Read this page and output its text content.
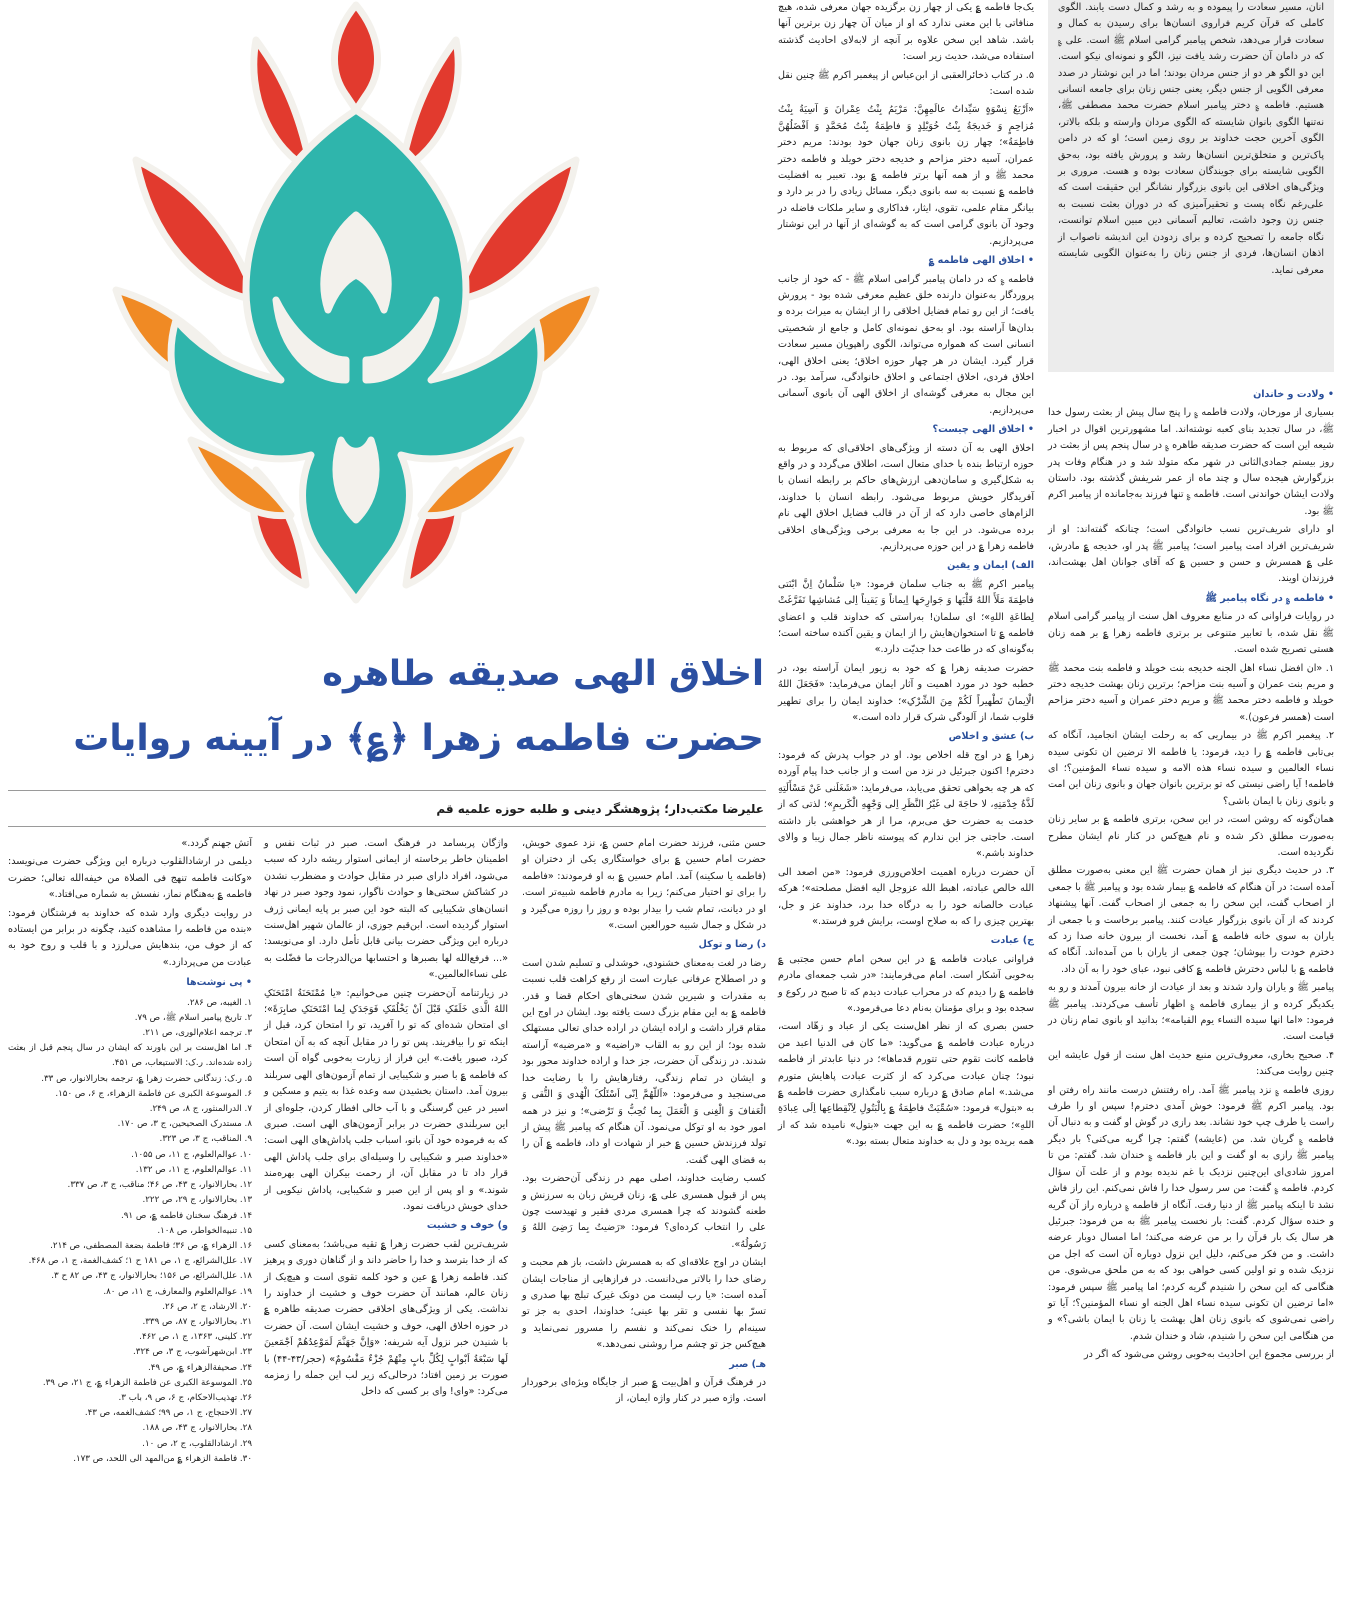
انان، مسیر سعادت را پیموده و به رشد و کمال دست یابند. الگوی کاملی که قرآن کریم فراروی انسان‌ها برای رسیدن به کمال و سعادت قرار می‌دهد، شخص پیامبر گرامی اسلام ﷺ است. علی ؏ که در دامان آن حضرت رشد یافت نیز، الگو و نمونه‌ای نیکو است. این دو الگو هر دو از جنس مردان بودند؛ اما در این نوشتار در صدد معرفی الگویی از جنس دیگر، یعنی جنس زنان برای جامعه انسانی هستیم. فاطمه ؏ دختر پیامبر اسلام حضرت محمد مصطفی ﷺ، نه‌تنها الگوی بانوان شایسته که الگوی مردان وارسته و بلکه بالاتر، الگوی آخرین حجت خداوند بر روی زمین است؛ او که در دامن پاک‌ترین و متخلق‌ترین انسان‌ها رشد و پرورش یافته بود، به‌حق الگویی شایسته برای جویندگان سعادت بوده و هست. مروری بر ویژگی‌های اخلاقی این بانوی بزرگوار نشانگر این حقیقت است که علی‌رغم نگاه پست و تحقیرآمیزی که در دوران بعثت نسبت به جنس زن وجود داشت، تعالیم آسمانی دین مبین اسلام توانست، نگاه جامعه را تصحیح کرده و برای زدودن این اندیشه ناصواب از اذهان انسان‌ها، فردی از جنس زنان را به‌عنوان الگویی شایسته معرفی نماید.

• ولادت و خاندان

بسیاری از مورخان، ولادت فاطمه ؏ را پنج سال پیش از بعثت رسول خدا ﷺ، در سال تجدید بنای کعبه نوشته‌اند. اما مشهورترین اقوال در اخبار شیعه این است که حضرت صدیقه طاهره ؏ در سال پنجم پس از بعثت در روز بیستم جمادی‌الثانی در شهر مکه متولد شد و در هنگام وفات پدر بزرگوارش هیجده سال و چند ماه از عمر شریفش گذشته بود. داستان ولادت ایشان خواندنی است. فاطمه ؏ تنها فرزند به‌جامانده از پیامبر اکرم ﷺ بود.

او دارای شریف‌ترین نسب خانوادگی است؛ چنانکه گفته‌اند: او از شریف‌ترین افراد امت پیامبر است؛ پیامبر ﷺ پدر او، خدیجه ؏ مادرش، علی ؏ همسرش و حسن و حسین ؏ که آقای جوانان اهل بهشت‌اند، فرزندان اویند.

• فاطمه ؏ در نگاه پیامبر ﷺ

در روایات فراوانی که در منابع معروف اهل سنت از پیامبر گرامی اسلام ﷺ نقل شده، با تعابیر متنوعی بر برتری فاطمه زهرا ؏ بر همه زنان هستی تصریح شده است.

۱. «ان افضل نساء اهل الجنه خدیجه بنت خویلد و فاطمه بنت محمد ﷺ و مریم بنت عمران و آسیه بنت مزاحم؛ برترین زنان بهشت خدیجه دختر خویلد و فاطمه دختر محمد ﷺ و مریم دختر عمران و آسیه دختر مزاحم است (همسر فرعون).»

۲. پیغمبر اکرم ﷺ در بیماریی که به رحلت ایشان انجامید، آنگاه که بی‌تابی فاطمه ؏ را دید، فرمود: یا فاطمه الا ترضین ان تکونی سیده نساء العالمین و سیده نساء هذه الامه و سیده نساء المؤمنین؟؛ ای فاطمه! آیا راضی نیستی که تو برترین بانوان جهان و بانوی زنان این امت و بانوی زنان با ایمان باشی؟

همان‌گونه که روشن است، در این سخن، برتری فاطمه ؏ بر سایر زنان به‌صورت مطلق ذکر شده و نام هیچ‌کس در کنار نام ایشان مطرح نگردیده است.

۳. در حدیث دیگری نیز از همان حضرت ﷺ این معنی به‌صورت مطلق آمده است: در آن هنگام که فاطمه ؏ بیمار شده بود و پیامبر ﷺ با جمعی از اصحاب گفت، این سخن را به جمعی از اصحاب گفت. آنها پیشنهاد کردند که از آن بانوی بزرگوار عیادت کنند. پیامبر برخاست و با جمعی از یاران به سوی خانه فاطمه ؏ آمد، نخست از بیرون خانه صدا زد که دخترم خودت را بپوشان؛ چون جمعی از یاران با من آمده‌اند. آنگاه که فاطمه ؏ با لباس دخترش فاطمه ؏ کافی نبود، عبای خود را به آن داد.

پیامبر ﷺ و یاران وارد شدند و بعد از عیادت از خانه بیرون آمدند و رو به یکدیگر کرده و از بیماری فاطمه ؏ اظهار تأسف می‌کردند. پیامبر ﷺ فرمود: «اما انها سیده النساء یوم القیامه»؛ بدانید او بانوی تمام زنان در قیامت است.

۴. صحیح بخاری، معروف‌ترین منبع حدیث اهل سنت از قول عایشه این چنین روایت می‌کند:

روزی فاطمه ؏ نزد پیامبر ﷺ آمد. راه رفتنش درست مانند راه رفتن او بود. پیامبر اکرم ﷺ فرمود: خوش آمدی دخترم! سپس او را طرف راست یا طرف چپ خود نشاند. بعد رازی در گوش او گفت و به دنبال آن فاطمه ؏ گریان شد. من (عایشه) گفتم: چرا گریه می‌کنی؟ بار دیگر پیامبر ﷺ رازی به او گفت و این بار فاطمه ؏ خندان شد. گفتم: من تا امروز شادی‌ای این‌چنین نزدیک با غم ندیده بودم و از علت آن سؤال کردم. فاطمه ؏ گفت: من سر رسول خدا را فاش نمی‌کنم. این راز فاش نشد تا اینکه پیامبر ﷺ از دنیا رفت. آنگاه از فاطمه ؏ درباره راز آن گریه و خنده سؤال کردم. گفت: بار نخست پیامبر ﷺ به من فرمود: جبرئیل هر سال یک بار قرآن را بر من عرضه می‌کند؛ اما امسال دوبار عرضه داشت. و من فکر می‌کنم، دلیل این نزول دوباره آن است که اجل من نزدیک شده و تو اولین کسی خواهی بود که به من ملحق می‌شوی. من هنگامی که این سخن را شنیدم گریه کردم؛ اما پیامبر ﷺ سپس فرمود: «اما ترضین ان تکونی سیده نساء اهل الجنه او نساء المؤمنین؟؛ آیا تو راضی نمی‌شوی که بانوی زنان اهل بهشت یا زنان با ایمان باشی؟» و من هنگامی این سخن را شنیدم، شاد و خندان شدم.

از بررسی مجموع این احادیث به‌خوبی روشن می‌شود که اگر در

یک‌جا فاطمه ؏ یکی از چهار زن برگزیده جهان معرفی شده، هیچ منافاتی با این معنی ندارد که او از میان آن چهار زن برترین آنها باشد. شاهد این سخن علاوه بر آنچه از لابه‌لای احادیث گذشته استفاده می‌شد، حدیث زیر است:

۵. در کتاب ذخائرالعقبی از ابن‌عباس از پیغمبر اکرم ﷺ چنین نقل شده است:

«اَرْبَعُ نِسْوَةٍ سَیِّداتُ عالَمِهِنَّ: مَرْیَمُ بِنْتُ عِمْرانَ وَ آسِیَةُ بِنْتُ مُزاحِمٍ وَ خَدیجَةُ بِنْتُ خُوَیْلِدٍ وَ فاطِمَةُ بِنْتُ مُحَمَّدٍ وَ اَفْضَلُهُنَّ فاطِمَةُ»؛ چهار زن بانوی زنان جهان خود بودند: مریم دختر عمران، آسیه دختر مزاحم و خدیجه دختر خویلد و فاطمه دختر محمد ﷺ و از همه آنها برتر فاطمه ؏ بود. تعبیر به افضلیت فاطمه ؏ نسبت به سه بانوی دیگر، مسائل زیادی را در بر دارد و بیانگر مقام علمی، تقوی، ایثار، فداکاری و سایر ملکات فاضله در وجود آن بانوی گرامی است که به گوشه‌ای از آنها در این نوشتار می‌پردازیم.

• اخلاق الهی فاطمه ؏

فاطمه ؏ که در دامان پیامبر گرامی اسلام ﷺ - که خود از جانب پروردگار به‌عنوان دارنده خلق عظیم معرفی شده بود - پرورش یافت؛ از این رو تمام فضایل اخلاقی را از ایشان به میراث برده و بدان‌ها آراسته بود. او به‌حق نمونه‌ای کامل و جامع از شخصیتی انسانی است که همواره می‌تواند، الگوی راهپویان مسیر سعادت قرار گیرد. ایشان در هر چهار حوزه اخلاق؛ یعنی اخلاق الهی، اخلاق فردی، اخلاق اجتماعی و اخلاق خانوادگی، سرآمد بود. در این مجال به معرفی گوشه‌ای از اخلاق الهی آن بانوی آسمانی می‌پردازیم.

• اخلاق الهی چیست؟

اخلاق الهی به آن دسته از ویژگی‌های اخلاقی‌ای که مربوط به حوزه ارتباط بنده با خدای متعال است، اطلاق می‌گردد و در واقع به شکل‌گیری و سامان‌دهی ارزش‌های حاکم بر رابطه انسان با آفریدگار خویش مربوط می‌شود. رابطه انسان با خداوند، الزام‌های خاصی دارد که از آن در قالب فضایل اخلاق الهی نام برده می‌شود. در این جا به معرفی برخی ویژگی‌های اخلاقی فاطمه زهرا ؏ در این حوزه می‌پردازیم.

الف) ایمان و یقین

پیامبر اکرم ﷺ به جناب سلمان فرمود: «یا سَلْمانُ اِنَّ ابْنَتی فاطِمَةَ مَلَأَ اللهُ قَلْبَها وَ جَوارِحَها اِیماناً وَ یَقیناً اِلی مُشاشِها تَفَرَّغَتْ لِطاعَةِ اللهِ»؛ ای سلمان! به‌راستی که خداوند قلب و اعضای فاطمه ؏ تا استخوان‌هایش را از ایمان و یقین آکنده ساخته است؛ به‌گونه‌ای که در طاعت خدا جدیّت دارد.»

حضرت صدیقه زهرا ؏ که خود به زیور ایمان آراسته بود، در خطبه خود در مورد اهمیت و آثار ایمان می‌فرماید: «فَجَعَلَ اللهُ الْاِیمانَ تَطْهیراً لَکُمْ مِنَ الشِّرْکِ»؛ خداوند ایمان را برای تطهیر قلوب شما، از آلودگی شرک قرار داده است.»

ب) عشق و اخلاص

زهرا ؏ در اوج قله اخلاص بود. او در جواب پدرش که فرمود: دخترم! اکنون جبرئیل در نزد من است و از جانب خدا پیام آورده که هر چه بخواهی تحقق می‌یابد، می‌فرماید: «شَغَلَنی عَنْ مَسْأَلَتِهِ لَذَّةُ خِدْمَتِهِ، لا حاجَةَ لی غَیْرُ النَّظَرِ اِلی وَجْهِهِ الْکَریمِ»؛ لذتی که از خدمت به حضرت حق می‌برم، مرا از هر خواهشی باز داشته است. حاجتی جز این ندارم که پیوسته ناظر جمال زیبا و والای خداوند باشم.»

آن حضرت درباره اهمیت اخلاص‌ورزی فرمود: «من اصعد الی الله خالص عبادته، اهبط الله عزوجل الیه افضل مصلحته»؛ هرکه عبادت خالصانه خود را به درگاه خدا برد، خداوند عز و جل، بهترین چیزی را که به صلاح اوست، برایش فرو فرستد.»

ج) عبادت

فراوانی عبادت فاطمه ؏ در این سخن امام حسن مجتبی ؏ به‌خوبی آشکار است. امام می‌فرمایند: «در شب جمعه‌ای مادرم فاطمه ؏ را دیدم که در محراب عبادت دیدم که تا صبح در رکوع و سجده بود و برای مؤمنان به‌نام دعا می‌فرمود.»

حسن بصری که از نظر اهل‌سنت یکی از عباد و زهّاد است، درباره عبادت فاطمه ؏ می‌گوید: «ما کان فی الدنیا اعبد من فاطمه کانت تقوم حتی تتورم قدماها»؛ در دنیا عابدتر از فاطمه نبود؛ چنان عبادت می‌کرد که از کثرت عبادت پاهایش متورم می‌شد.» امام صادق ؏ درباره سبب نامگذاری حضرت فاطمه ؏ به «بتول» فرمود: «سُمِّیَتْ فاطِمَةُ ؏ بِالْبَتُولِ لِاَنْقِطاعِها اِلَی عِبادَةِ اللهِ»؛ حضرت فاطمه ؏ به این جهت «بتول» نامیده شد که از همه بریده بود و دل به خداوند متعال بسته بود.»

اخلاق الهی صدیقه طاهره
حضرت فاطمه زهرا ﴿؏﴾ در آیینه روایات
علیرضا مکتب‌دار؛ پژوهشگر دینی و طلبه حوزه علمیه قم

حسن مثنی، فرزند حضرت امام حسن ؏، نزد عموی خویش، حضرت امام حسین ؏ برای خواستگاری یکی از دختران او (فاطمه یا سکینه) آمد. امام حسین ؏ به او فرمودند: «فاطمه را برای تو اختیار می‌کنم؛ زیرا به مادرم فاطمه شبیه‌تر است. او در دیانت، تمام شب را بیدار بوده و روز را روزه می‌گیرد و در شکل و جمال شبیه حورالعین است.»

د) رضا و توکل

رضا در لغت به‌معنای خشنودی، خوشدلی و تسلیم شدن است و در اصطلاح عرفانی عبارت است از رفع کراهت قلب نسبت به مقدرات و شیرین شدن سختی‌های احکام قضا و قدر. فاطمه ؏ به این مقام بزرگ دست یافته بود. ایشان در اوج این مقام قرار داشت و اراده ایشان در اراده خدای تعالی مستهلک شده بود؛ از این رو به القاب «راضیه» و «مرضیه» آراسته شدند. در زندگی آن حضرت، جز خدا و اراده خداوند محور بود و ایشان در تمام زندگی، رفتارهایش را با رضایت خدا می‌سنجید و می‌فرمود: «اَللّهُمَّ اِنّی اَسْئَلُکَ الْهُدی وَ التُّقی وَ الْعَفافَ وَ الْغِنی وَ الْعَمَلَ بِما تُحِبُّ وَ تَرْضی»؛ و نیز در همه امور خود به او توکل می‌نمود. آن هنگام که پیامبر ﷺ پیش از تولد فرزندش حسین ؏ خبر از شهادت او داد، فاطمه ؏ آن را به قضای الهی گفت.

کسب رضایت خداوند، اصلی مهم در زندگی آن‌حضرت بود. پس از قبول همسری علی ؏، زنان قریش زبان به سرزنش و طعنه گشودند که چرا همسری مردی فقیر و تهیدست چون علی را انتخاب کرده‌ای؟ فرمود: «رَضیتُ بِما رَضِیَ اللهُ وَ رَسُولُهُ».

ایشان در اوج علاقه‌ای که به همسرش داشت، باز هم محبت و رضای خدا را بالاتر می‌دانست. در فرازهایی از مناجات ایشان آمده است: «یا رب لیست من دونک غیرک تبلج بها صدری و تسرّ بها نفسی و تقر بها عینی؛ خداوندا، احدی به جز تو سینه‌ام را خنک نمی‌کند و نفسم را مسرور نمی‌نماید و هیچ‌کس جز تو چشم مرا روشنی نمی‌دهد.»

هـ) صبر

در فرهنگ قرآن و اهل‌بیت ؏ صبر از جایگاه ویژه‌ای برخوردار است. واژه صبر در کنار واژه ایمان، از

واژگان پربسامد در فرهنگ است. صبر در ثبات نفس و اطمینان خاطر برخاسته از ایمانی استوار ریشه دارد که سبب می‌شود، افراد دارای صبر در مقابل حوادث و مضطرب نشدن در کشاکش سختی‌ها و حوادث ناگوار، نمود وجود صبر در نهاد انسان‌های شکیبایی که البته خود این صبر بر پایه ایمانی ژرف استوار گردیده است. ابن‌قیم جوزی، از عالمان شهیر اهل‌سنت درباره این ویژگی حضرت بیانی قابل تأمل دارد. او می‌نویسد: «... فرفع‌الله لها بصبرها و احتسابها من‌الدرجات ما فضّلت به علی نساء‌العالمین.»

در زیارتنامه آن‌حضرت چنین می‌خوانیم: «یا مُمْتَحَنَةُ امْتَحَنَکِ اللهُ الَّذی خَلَقَکِ قَبْلَ اَنْ یَخْلُقَکِ فَوَجَدَکِ لِما امْتَحَنَکِ صابِرَةً»؛ ای امتحان شده‌ای که تو را آفرید، تو را امتحان کرد، قبل از اینکه تو را بیافریند. پس تو را در مقابل آنچه که به آن امتحان کرد، صبور یافت.» این فراز از زیارت به‌خوبی گواه آن است که فاطمه ؏ با صبر و شکیبایی از تمام آزمون‌های الهی سربلند بیرون آمد. داستان بخشیدن سه وعده غذا به یتیم و مسکین و اسیر در عین گرسنگی و با آب خالی افطار کردن، جلوه‌ای از این سربلندی حضرت در برابر آزمون‌های الهی است. صبری که به فرموده خود آن بانو، اسباب جلب پاداش‌های الهی است: «خداوند صبر و شکیبایی را وسیله‌ای برای جلب پاداش الهی قرار داد تا در مقابل آن، از رحمت بیکران الهی بهره‌مند شوند.» و او پس از این صبر و شکیبایی، پاداش نیکویی از خدای خویش دریافت نمود.

و) خوف و خشیت

شریف‌ترین لقب حضرت زهرا ؏ تقیه می‌باشد؛ به‌معنای کسی که از خدا بترسد و خدا را حاضر داند و از گناهان دوری و پرهیز کند. فاطمه زهرا ؏ عین و خود کلمه تقوی است و هیچ‌یک از زنان عالم، همانند آن حضرت خوف و خشیت از خداوند را نداشت. یکی از ویژگی‌های اخلاقی حضرت صدیقه طاهره ؏ در حوزه اخلاق الهی، خوف و خشیت ایشان است. آن حضرت با شنیدن خبر نزول آیه شریفه: «وَاِنَّ جَهَنَّمَ لَمَوْعِدُهُمْ اَجْمَعینَ لَها سَبْعَةُ اَبْوابٍ لِکُلِّ بابٍ مِنْهُمْ جُزْءٌ مَقْسُومٌ» (حجر/۴۳-۴۴) با صورت بر زمین افتاد؛ درحالی‌که زیر لب این جمله را زمزمه می‌کرد: «وای! وای بر کسی که داخل

آتش جهنم گردد.»

دیلمی در ارشادالقلوب درباره این ویژگی حضرت می‌نویسد: «وکانت فاطمه تنهج فی الصلاة من خیفه‌الله تعالی؛ حضرت فاطمه ؏ به‌هنگام نماز، نفسش به شماره می‌افتاد.»

در روایت دیگری وارد شده که خداوند به فرشتگان فرمود: «بنده من فاطمه را مشاهده کنید، چگونه در برابر من ایستاده که از خوف من، بندهایش می‌لرزد و با قلب و روح خود به عبادت من می‌پردازد.»

• پی نوشت‌ها
۱. الغیبه، ص ۲۸۶.
۲. تاریخ پیامبر اسلام ﷺ، ص ۷۹.
۳. ترجمه اعلام‌الوری، ص ۲۱۱.
۴. اما اهل‌سنت بر این باورند که ایشان در سال پنجم قبل از بعثت زاده شده‌اند. ر.ک: الاستیعاب، ص ۴۵۱.
۵. ر.ک: زندگانی حضرت زهرا ؏، ترجمه بحارالانوار، ص ۳۳.
۶. الموسوعة الکبری عن فاطمة الزهراء، ج ۶، ص ۱۵۰.
۷. الدرالمنثور، ج ۸، ص ۲۴۹.
۸. مستدرک الصحیحین، ج ۳، ص ۱۷۰.
۹. المناقب، ج ۳، ص ۳۲۳.
۱۰. عوالم‌العلوم، ج ۱۱، ص ۱۰۵۵.
۱۱. عوالم‌العلوم، ج ۱۱، ص ۱۳۲.
۱۲. بحارالانوار، ج ۴۳، ص ۴۶؛ مناقب، ج ۳، ص ۳۳۷.
۱۳. بحارالانوار، ج ۲۹، ص ۲۲۲.
۱۴. فرهنگ سخنان فاطمه ؏، ص ۹۱.
۱۵. تنبیه‌الخواطر، ص ۱۰۸.
۱۶. الزهراء ؏، ص ۳۶؛ فاطمة بضعة المصطفی، ص ۲۱۴.
۱۷. علل‌الشرائع، ج ۱، ص ۱۸۱ ح ۱؛ کشف‌الغمة، ج ۱، ص ۴۶۸.
۱۸. علل‌الشرائع، ص ۱۵۶؛ بحارالانوار، ج ۴۳، ص ۸۲ ح ۳.
۱۹. عوالم‌العلوم والمعارف، ج ۱۱، ص ۸۰.
۲۰. الارشاد، ج ۲، ص ۲۶.
۲۱. بحارالانوار، ج ۸۷، ص ۳۳۹.
۲۲. کلینی، ۱۳۶۳، ج ۱، ص ۴۶۲.
۲۳. ابن‌شهرآشوب، ج ۳، ص ۳۲۴.
۲۴. صحیفة‌الزهراء ؏، ص ۴۹.
۲۵. الموسوعة الکبری عن فاطمة الزهراء ؏، ج ۲۱، ص ۳۹.
۲۶. تهذیب‌الاحکام، ج ۶، ص ۹، باب ۳.
۲۷. الاحتجاج، ج ۱، ص ۹۹؛ کشف‌الغمه، ص ۴۳.
۲۸. بحارالانوار، ج ۴۳، ص ۱۸۸.
۲۹. ارشادالقلوب، ج ۲، ص ۱۰.
۳۰. فاطمة الزهراء ؏ من‌المهد الی اللحد، ص ۱۷۳.
